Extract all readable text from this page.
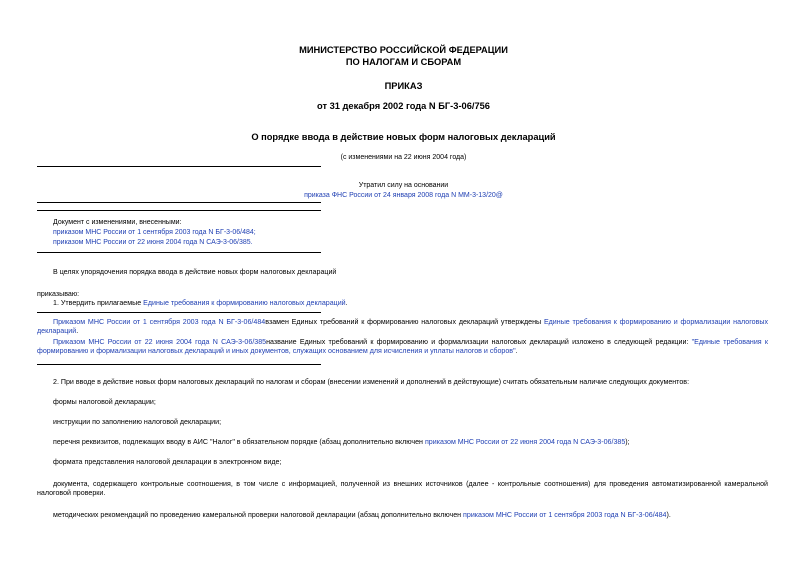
МИНИСТЕРСТВО РОССИЙСКОЙ ФЕДЕРАЦИИ
ПО НАЛОГАМ И СБОРАМ
ПРИКАЗ
от 31 декабря 2002 года N БГ-3-06/756
О порядке ввода в действие новых форм налоговых деклараций
(с изменениями на 22 июня 2004 года)
Утратил силу на основании
приказа ФНС России от 24 января 2008 года N ММ-3-13/20@
Документ с изменениями, внесенными:
приказом МНС России от 1 сентября 2003 года N БГ-3-06/484;
приказом МНС России от 22 июня 2004 года N САЭ-3-06/385.
В целях упорядочения порядка ввода в действие новых форм налоговых деклараций
приказываю:
1. Утвердить прилагаемые Единые требования к формированию налоговых деклараций.
Приказом МНС России от 1 сентября 2003 года N БГ-3-06/484взамен Единых требований к формированию налоговых деклараций утверждены Единые требования к формированию и формализации налоговых деклараций.
Приказом МНС России от 22 июня 2004 года N САЭ-3-06/385название Единых требований к формированию и формализации налоговых деклараций изложено в следующей редакции: "Единые требования к формированию и формализации налоговых деклараций и иных документов, служащих основанием для исчисления и уплаты налогов и сборов".
2. При вводе в действие новых форм налоговых деклараций по налогам и сборам (внесении изменений и дополнений в действующие) считать обязательным наличие следующих документов:
формы налоговой декларации;
инструкции по заполнению налоговой декларации;
перечня реквизитов, подлежащих вводу в АИС "Налог" в обязательном порядке (абзац дополнительно включен приказом МНС России от 22 июня 2004 года N САЭ-3-06/385);
формата представления налоговой декларации в электронном виде;
документа, содержащего контрольные соотношения, в том числе с информацией, полученной из внешних источников (далее - контрольные соотношения) для проведения автоматизированной камеральной налоговой проверки.
методических рекомендаций по проведению камеральной проверки налоговой декларации (абзац дополнительно включен приказом МНС России от 1 сентября 2003 года N БГ-3-06/484).
